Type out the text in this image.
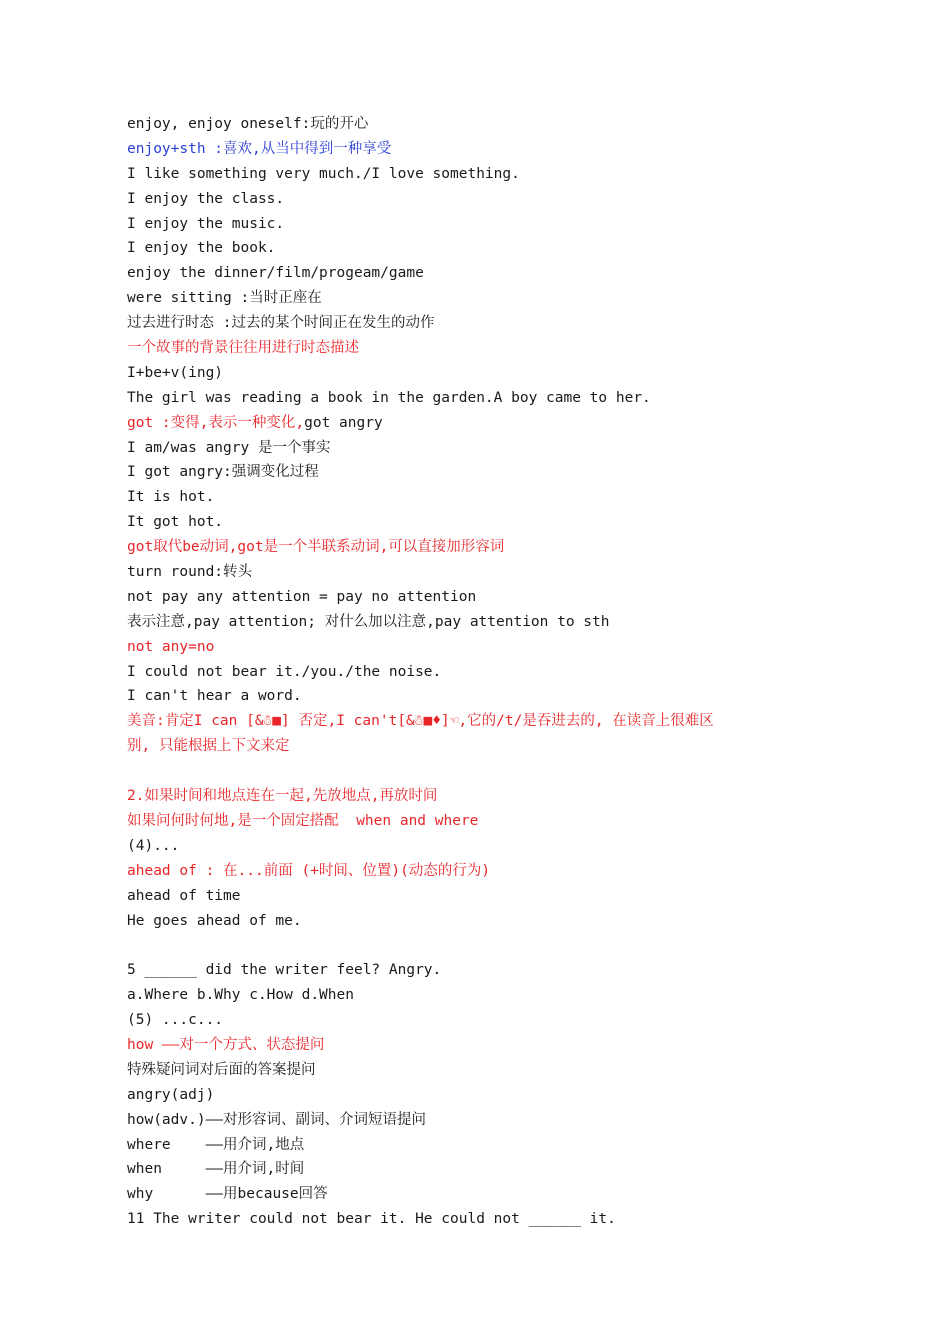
enjoy, enjoy oneself:玩的开心

enjoy+sth :喜欢,从当中得到一种享受

I like something very much./I love something.

I enjoy the class.

I enjoy the music.

I enjoy the book.

enjoy the dinner/film/progeam/game

were sitting :当时正座在

过去进行时态 :过去的某个时间正在发生的动作

一个故事的背景往往用进行时态描述

I+be+v(ing)

The girl was reading a book in the garden.A boy came to her.

got :变得,表示一种变化,got angry

I am/was angry 是一个事实

I got angry:强调变化过程

It is hot.

It got hot.

got取代be动词,got是一个半联系动词,可以直接加形容词

turn round:转头

not pay any attention = pay no attention

表示注意,pay attention; 对什么加以注意,pay attention to sth

not any=no

I could not bear it./you./the noise.

I can't hear a word.

美音:肯定I can [&☃■] 否定,I can't[&☃■♦]☜,它的/t/是吞进去的, 在读音上很难区

别, 只能根据上下文来定

2.如果时间和地点连在一起,先放地点,再放时间

如果问何时何地,是一个固定搭配  when and where

(4)...

ahead of : 在...前面 (+时间、位置)(动态的行为)

ahead of time

He goes ahead of me.

5 ______ did the writer feel? Angry.

a.Where b.Why c.How d.When

(5) ...c...

how ——对一个方式、状态提问

特殊疑问词对后面的答案提问

angry(adj)

how(adv.)——对形容词、副词、介词短语提问

where    ——用介词,地点

when     ——用介词,时间

why      ——用because回答

11 The writer could not bear it. He could not ______ it.
